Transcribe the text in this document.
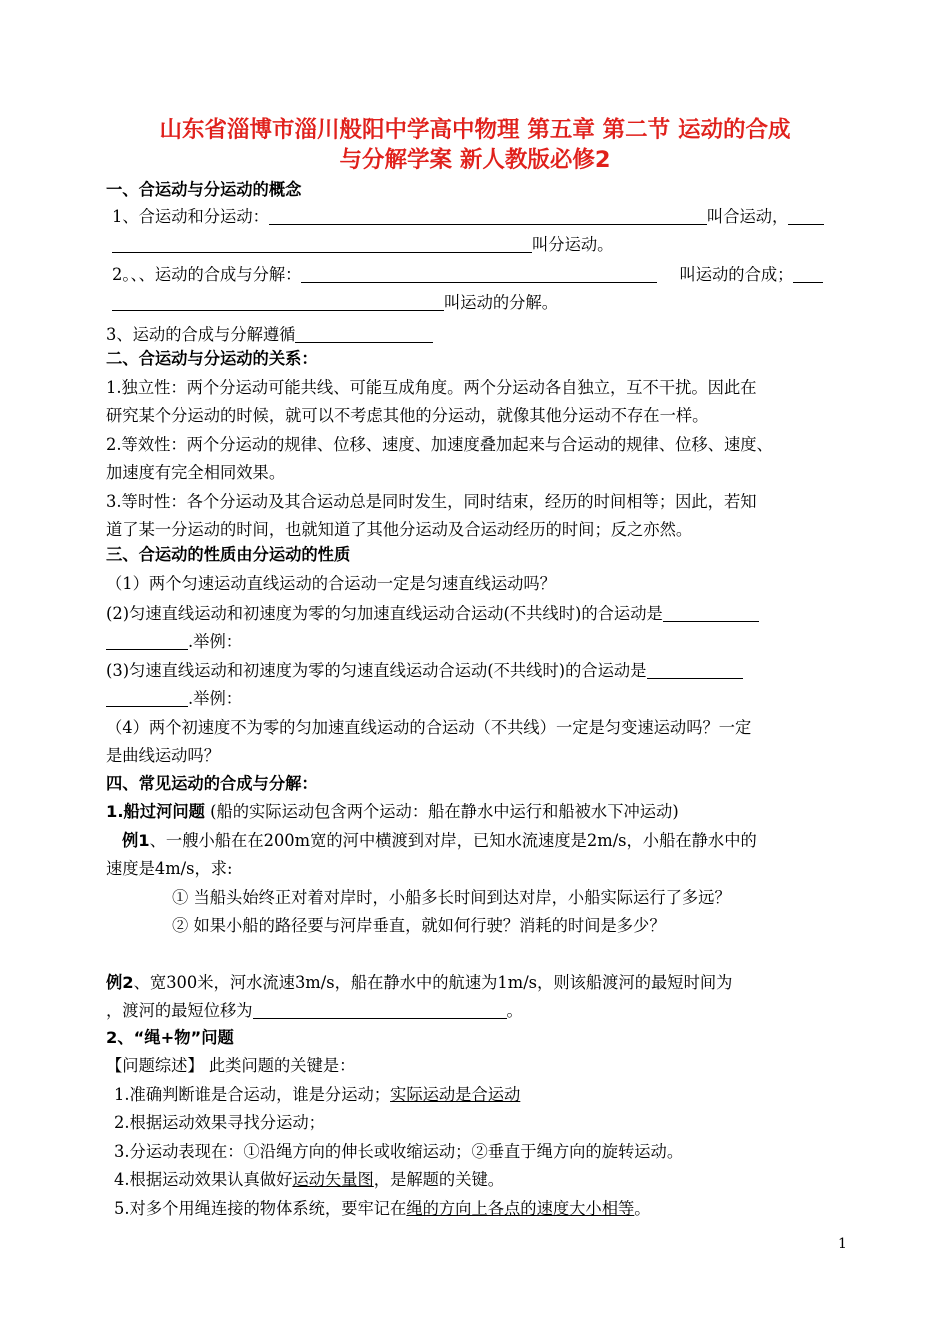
山东省淄博市淄川般阳中学高中物理 第五章 第二节 运动的合成
与分解学案 新人教版必修2
一、合运动与分运动的概念
1、合运动和分运动：	叫合运动，
叫分运动。
2。、、运动的合成与分解：	叫运动的合成；
叫运动的分解。
3、运动的合成与分解遵循
二、合运动与分运动的关系：
1.独立性：两个分运动可能共线、可能互成角度。两个分运动各自独立，互不干扰。因此在
研究某个分运动的时候，就可以不考虑其他的分运动，就像其他分运动不存在一样。
2.等效性：两个分运动的规律、位移、速度、加速度叠加起来与合运动的规律、位移、速度、
加速度有完全相同效果。
3.等时性：各个分运动及其合运动总是同时发生，同时结束，经历的时间相等；因此，若知
道了某一分运动的时间，也就知道了其他分运动及合运动经历的时间；反之亦然。
三、合运动的性质由分运动的性质
（1）两个匀速运动直线运动的合运动一定是匀速直线运动吗？
(2)匀速直线运动和初速度为零的匀加速直线运动合运动(不共线时)的合运动是
.举例：
(3)匀速直线运动和初速度为零的匀速直线运动合运动(不共线时)的合运动是
.举例：
（4）两个初速度不为零的匀加速直线运动的合运动（不共线）一定是匀变速运动吗？一定
是曲线运动吗？
四、常见运动的合成与分解：
1.船过河问题 (船的实际运动包含两个运动：船在静水中运行和船被水下冲运动)
例1、一艘小船在在200m宽的河中横渡到对岸，已知水流速度是2m/s，小船在静水中的
速度是4m/s，求:
① 当船头始终正对着对岸时，小船多长时间到达对岸，小船实际运行了多远？
② 如果小船的路径要与河岸垂直，就如何行驶？消耗的时间是多少？
例2、宽300米，河水流速3m/s，船在静水中的航速为1m/s，则该船渡河的最短时间为
，渡河的最短位移为	。
2、“绳+物”问题
【问题综述】 此类问题的关键是：
1.准确判断谁是合运动，谁是分运动；实际运动是合运动
2.根据运动效果寻找分运动；
3.分运动表现在：①沿绳方向的伸长或收缩运动；②垂直于绳方向的旋转运动。
4.根据运动效果认真做好运动矢量图，是解题的关键。
5.对多个用绳连接的物体系统，要牢记在绳的方向上各点的速度大小相等。
1
